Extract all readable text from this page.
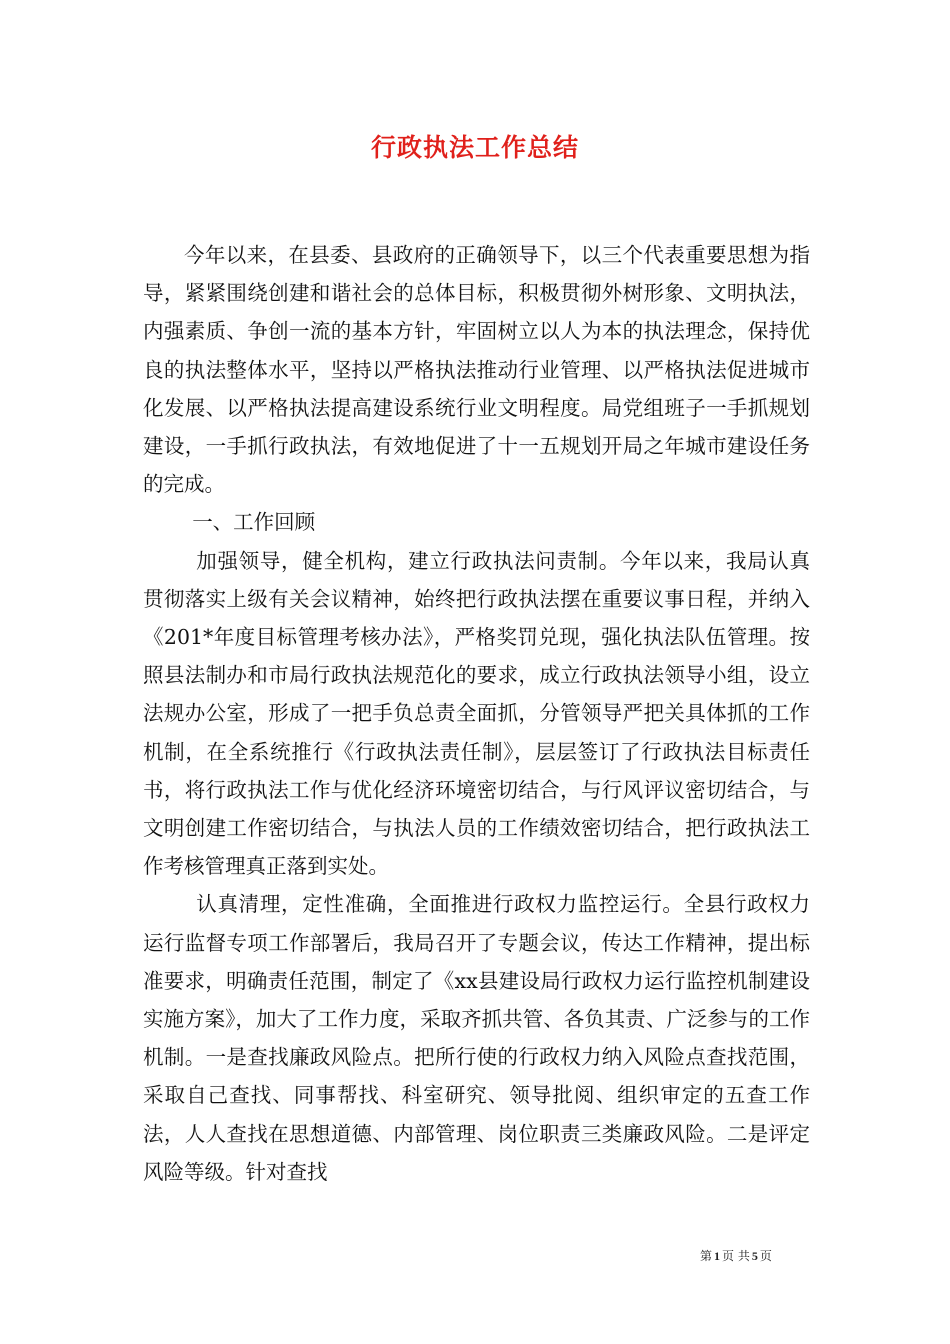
行政执法工作总结

今年以来，在县委、县政府的正确领导下，以三个代表重要思想为指导，紧紧围绕创建和谐社会的总体目标，积极贯彻外树形象、文明执法，内强素质、争创一流的基本方针，牢固树立以人为本的执法理念，保持优良的执法整体水平，坚持以严格执法推动行业管理、以严格执法促进城市化发展、以严格执法提高建设系统行业文明程度。局党组班子一手抓规划建设，一手抓行政执法，有效地促进了十一五规划开局之年城市建设任务的完成。

一、工作回顾

加强领导，健全机构，建立行政执法问责制。今年以来，我局认真贯彻落实上级有关会议精神，始终把行政执法摆在重要议事日程，并纳入《201*年度目标管理考核办法》，严格奖罚兑现，强化执法队伍管理。按照县法制办和市局行政执法规范化的要求，成立行政执法领导小组，设立法规办公室，形成了一把手负总责全面抓，分管领导严把关具体抓的工作机制，在全系统推行《行政执法责任制》，层层签订了行政执法目标责任书，将行政执法工作与优化经济环境密切结合，与行风评议密切结合，与文明创建工作密切结合，与执法人员的工作绩效密切结合，把行政执法工作考核管理真正落到实处。

认真清理，定性准确，全面推进行政权力监控运行。全县行政权力运行监督专项工作部署后，我局召开了专题会议，传达工作精神，提出标准要求，明确责任范围，制定了《xx县建设局行政权力运行监控机制建设实施方案》，加大了工作力度，采取齐抓共管、各负其责、广泛参与的工作机制。一是查找廉政风险点。把所行使的行政权力纳入风险点查找范围，采取自己查找、同事帮找、科室研究、领导批阅、组织审定的五查工作法，人人查找在思想道德、内部管理、岗位职责三类廉政风险。二是评定风险等级。针对查找

第 1 页 共 5 页
